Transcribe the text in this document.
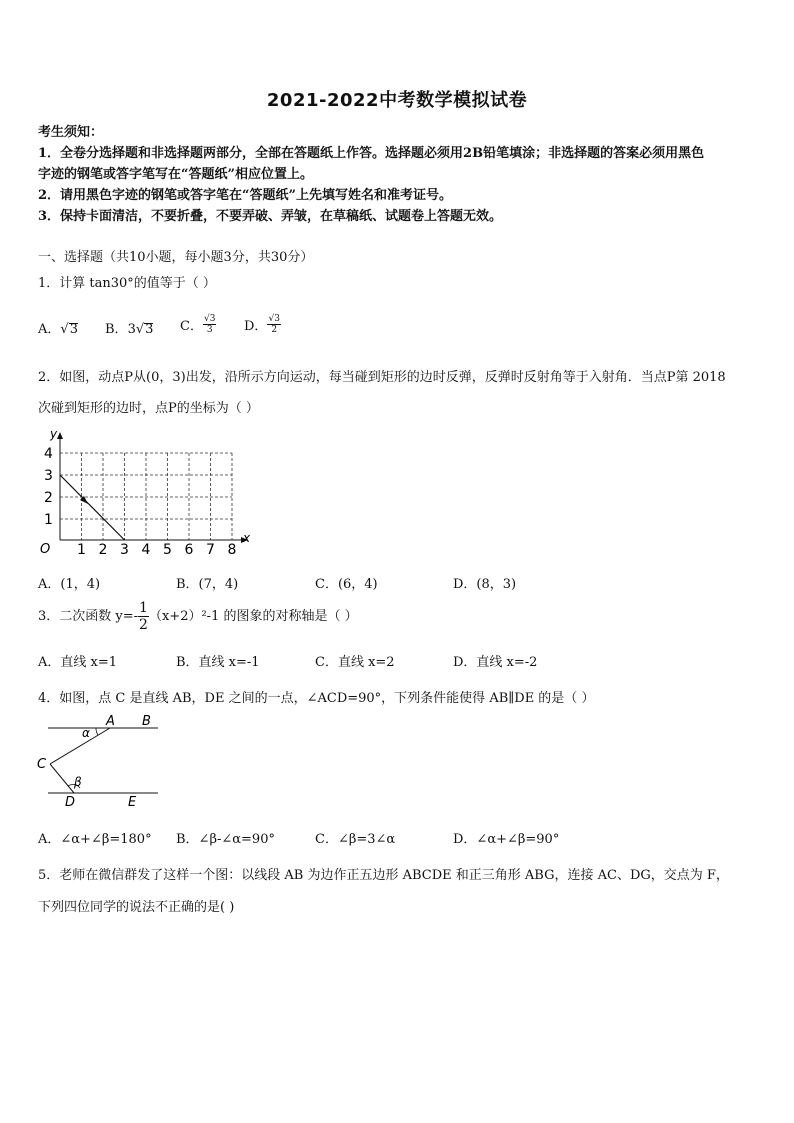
2021-2022中考数学模拟试卷
考生须知：
1．全卷分选择题和非选择题两部分，全部在答题纸上作答。选择题必须用2B铅笔填涂；非选择题的答案必须用黑色
字迹的钢笔或答字笔写在“答题纸”相应位置上。
2．请用黑色字迹的钢笔或答字笔在“答题纸”上先填写姓名和准考证号。
3．保持卡面清洁，不要折叠，不要弄破、弄皱，在草稿纸、试题卷上答题无效。
一、选择题（共10小题，每小题3分，共30分）
1．计算 tan30°的值等于（ ）
A．√3 B．3√3 C． $\frac{√3}{3}$ D． $\frac{√3}{2}$
2．如图，动点P从(0，3)出发，沿所示方向运动，每当碰到矩形的边时反弹，反弹时反射角等于入射角．当点P第 2018
次碰到矩形的边时，点P的坐标为（ ）
y
x
O
1
2
3
4
1 2 3 4 5 6 7 8
A．(1，4)	B．(7，4)	C．(6，4)	D．(8，3)
3．二次函数 $y=- \frac{1}{2} (x+2)^2-1$ 的图象的对称轴是（ ）
A．直线 x=1	B．直线 x=-1	C．直线 x=2	D．直线 x=-2
4．如图，点 C 是直线 AB，DE 之间的一点，∠ACD=90°，下列条件能使得 AB∥DE 的是（ ）
A B
C
D	E
α
β
A．∠α+∠β=180° B．∠β-∠α=90°	C．∠β=3∠α	D．∠α+∠β=90°
5．老师在微信群发了这样一个图：以线段 AB 为边作正五边形 ABCDE 和正三角形 ABG，连接 AC、DG，交点为 F，
下列四位同学的说法不正确的是( )
